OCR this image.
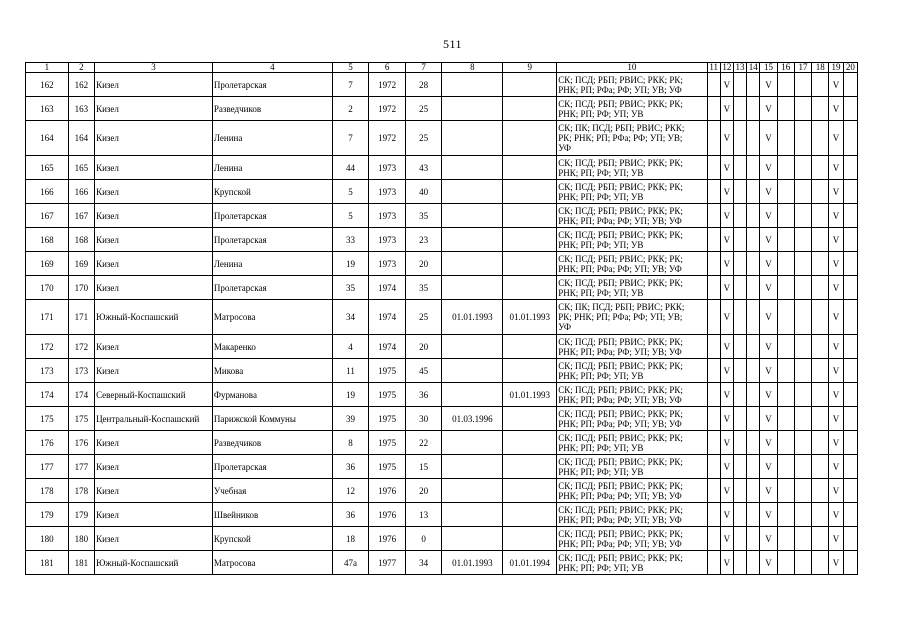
511
1	2	3	4	5	6	7	8	9	10	11	12	13	14	15	16	17	18	19	20
162	162	Кизел	Пролетарская	7	1972	28			СК; ПСД; РБП; РВИС; РКК; РК;
РНК; РП; РФа; РФ; УП; УВ; УФ		V			V				V	
163	163	Кизел	Разведчиков	2	1972	25			СК; ПСД; РБП; РВИС; РКК; РК;
РНК; РП; РФ; УП; УВ		V			V				V	
164	164	Кизел	Ленина	7	1972	25			СК; ПК; ПСД; РБП; РВИС; РКК;
РК; РНК; РП; РФа; РФ; УП; УВ;
УФ		V			V				V	
165	165	Кизел	Ленина	44	1973	43			СК; ПСД; РБП; РВИС; РКК; РК;
РНК; РП; РФ; УП; УВ		V			V				V	
166	166	Кизел	Крупской	5	1973	40			СК; ПСД; РБП; РВИС; РКК; РК;
РНК; РП; РФ; УП; УВ		V			V				V	
167	167	Кизел	Пролетарская	5	1973	35			СК; ПСД; РБП; РВИС; РКК; РК;
РНК; РП; РФа; РФ; УП; УВ; УФ		V			V				V	
168	168	Кизел	Пролетарская	33	1973	23			СК; ПСД; РБП; РВИС; РКК; РК;
РНК; РП; РФ; УП; УВ		V			V				V	
169	169	Кизел	Ленина	19	1973	20			СК; ПСД; РБП; РВИС; РКК; РК;
РНК; РП; РФа; РФ; УП; УВ; УФ		V			V				V	
170	170	Кизел	Пролетарская	35	1974	35			СК; ПСД; РБП; РВИС; РКК; РК;
РНК; РП; РФ; УП; УВ		V			V				V	
171	171	Южный-Коспашский	Матросова	34	1974	25	01.01.1993	01.01.1993	СК; ПК; ПСД; РБП; РВИС; РКК;
РК; РНК; РП; РФа; РФ; УП; УВ;
УФ		V			V				V	
172	172	Кизел	Макаренко	4	1974	20			СК; ПСД; РБП; РВИС; РКК; РК;
РНК; РП; РФа; РФ; УП; УВ; УФ		V			V				V	
173	173	Кизел	Микова	11	1975	45			СК; ПСД; РБП; РВИС; РКК; РК;
РНК; РП; РФ; УП; УВ		V			V				V	
174	174	Северный-Коспашский	Фурманова	19	1975	36		01.01.1993	СК; ПСД; РБП; РВИС; РКК; РК;
РНК; РП; РФа; РФ; УП; УВ; УФ		V			V				V	
175	175	Центральный-Коспашский	Парижской Коммуны	39	1975	30	01.03.1996		СК; ПСД; РБП; РВИС; РКК; РК;
РНК; РП; РФа; РФ; УП; УВ; УФ		V			V				V	
176	176	Кизел	Разведчиков	8	1975	22			СК; ПСД; РБП; РВИС; РКК; РК;
РНК; РП; РФ; УП; УВ		V			V				V	
177	177	Кизел	Пролетарская	36	1975	15			СК; ПСД; РБП; РВИС; РКК; РК;
РНК; РП; РФ; УП; УВ		V			V				V	
178	178	Кизел	Учебная	12	1976	20			СК; ПСД; РБП; РВИС; РКК; РК;
РНК; РП; РФа; РФ; УП; УВ; УФ		V			V				V	
179	179	Кизел	Швейников	36	1976	13			СК; ПСД; РБП; РВИС; РКК; РК;
РНК; РП; РФа; РФ; УП; УВ; УФ		V			V				V	
180	180	Кизел	Крупской	18	1976	0			СК; ПСД; РБП; РВИС; РКК; РК;
РНК; РП; РФа; РФ; УП; УВ; УФ		V			V				V	
181	181	Южный-Коспашский	Матросова	47а	1977	34	01.01.1993	01.01.1994	СК; ПСД; РБП; РВИС; РКК; РК;
РНК; РП; РФ; УП; УВ		V			V				V	
